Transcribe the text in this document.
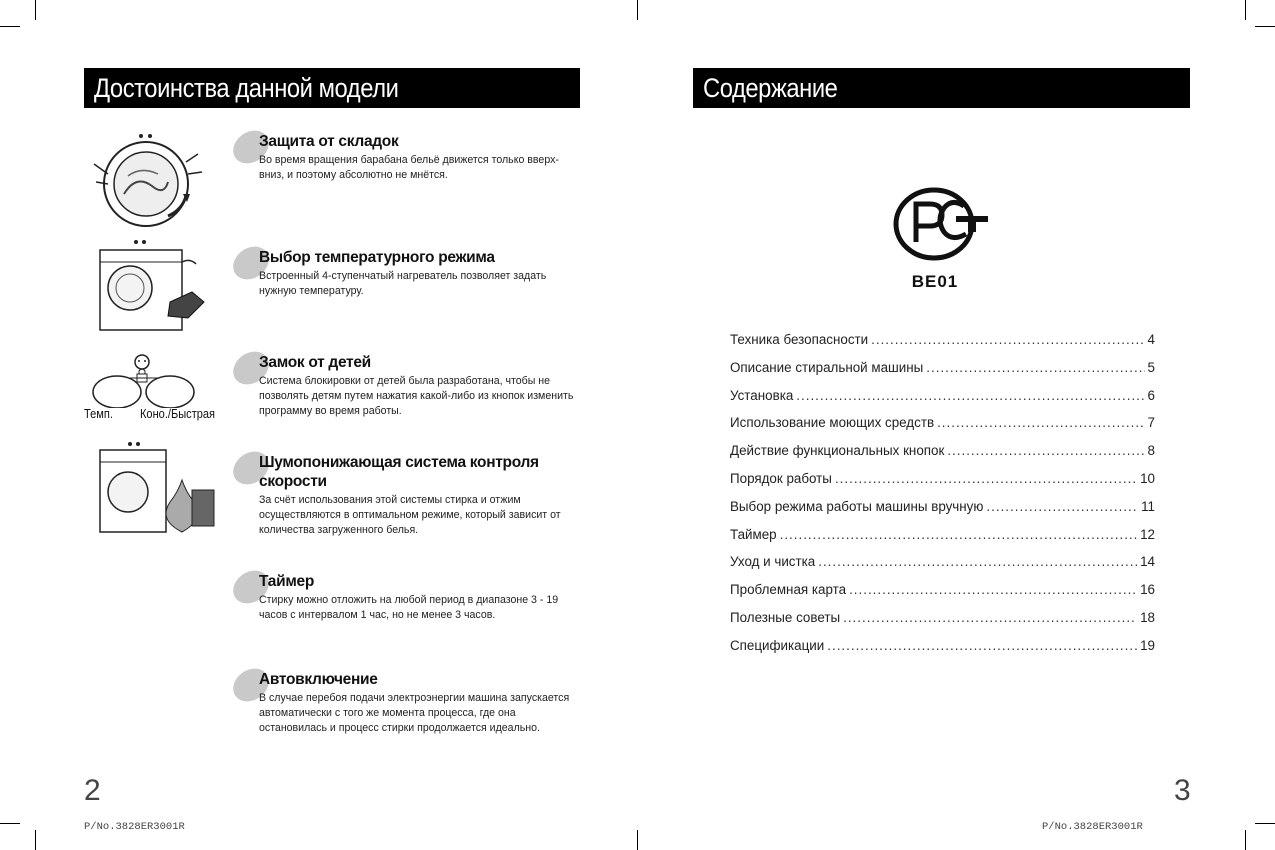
Достоинства данной модели
Темп. Коно./Быстрая
Защита от складок

Во время вращения барабана бельё движется только вверх-вниз, и поэтому абсолютно не мнётся.

Выбор температурного режима

Встроенный 4-ступенчатый нагреватель позволяет задать нужную температуру.

Замок от детей

Система блокировки от детей была разработана, чтобы не позволять детям путем нажатия какой-либо из кнопок изменить программу во время работы.

Шумопонижающая система контроля скорости

За счёт использования этой системы стирка и отжим осуществляются в оптимальном режиме, который зависит от количества загруженного белья.

Таймер

Стирку можно отложить на любой период в диапазоне 3 - 19 часов с интервалом 1 час, но не менее 3 часов.

Автовключение

В случае перебоя подачи электроэнергии машина запускается автоматически с того же момента процесса, где она остановилась и процесс стирки продолжается идеально.

2
P/No.3828ER3001R
Содержание
BE01
Техника безопасности .....	4
Описание стиральной машины .....	5
Установка .....	6
Использование моющих средств .....	7
Действие функциональных кнопок .....	8
Порядок работы .....	10
Выбор режима работы машины вручную .....	11
Таймер .....	12
Уход и чистка .....	14
Проблемная карта .....	16
Полезные советы .....	18
Спецификации .....	19
3
P/No.3828ER3001R
